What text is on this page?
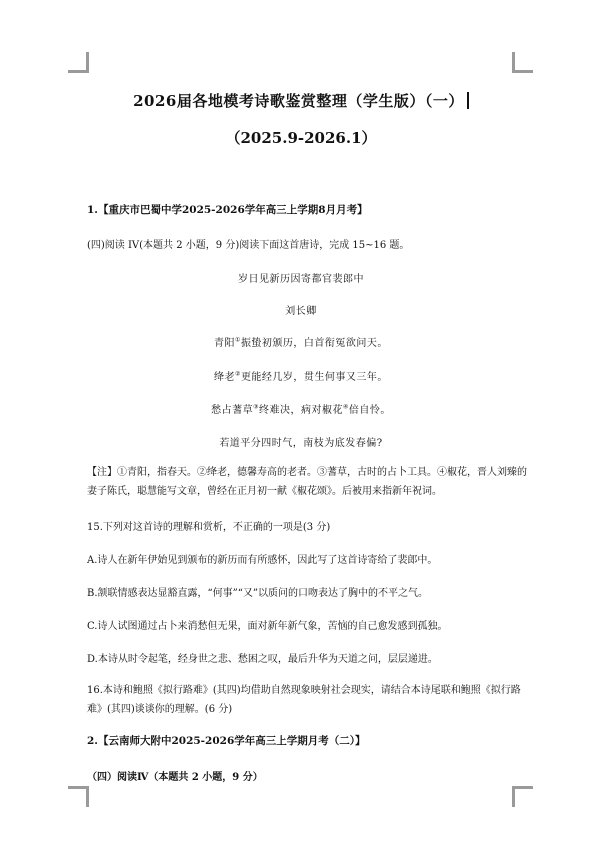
2026届各地模考诗歌鉴赏整理（学生版）（一）
（2025.9-2026.1）
1.【重庆市巴蜀中学2025-2026学年高三上学期8月月考】
(四)阅读 IV(本题共 2 小题，9 分)阅读下面这首唐诗，完成 15~16 题。
岁日见新历因寄都官裴郎中
刘长卿
青阳①振蛰初颁历，白首衔冤欲问天。
绛老②更能经几岁，贯生何事又三年。
愁占蓍草③终难决，病对椒花④倍自怜。
若道平分四时气，南枝为底发春偏?
【注】①青阳，指春天。②绛老，德馨寿高的老者。③蓍草，古时的占卜工具。④椒花，晋人刘臻的妻子陈氏，聪慧能写文章，曾经在正月初一献《椒花颂》。后被用来指新年祝词。
15.下列对这首诗的理解和赏析，不正确的一项是(3 分)
A.诗人在新年伊始见到颁布的新历而有所感怀，因此写了这首诗寄给了裴郎中。
B.颔联情感表达显豁直露，“何事”“又”以质问的口吻表达了胸中的不平之气。
C.诗人试图通过占卜来消愁但无果，面对新年新气象，苦恼的自己愈发感到孤独。
D.本诗从时令起笔，经身世之悲、愁困之叹，最后升华为天道之问，层层递进。
16.本诗和鲍照《拟行路难》(其四)均借助自然现象映射社会现实，请结合本诗尾联和鲍照《拟行路难》(其四)谈谈你的理解。(6 分)
2.【云南师大附中2025-2026学年高三上学期月考（二）】
（四）阅读Ⅳ（本题共 2 小题，9 分）
